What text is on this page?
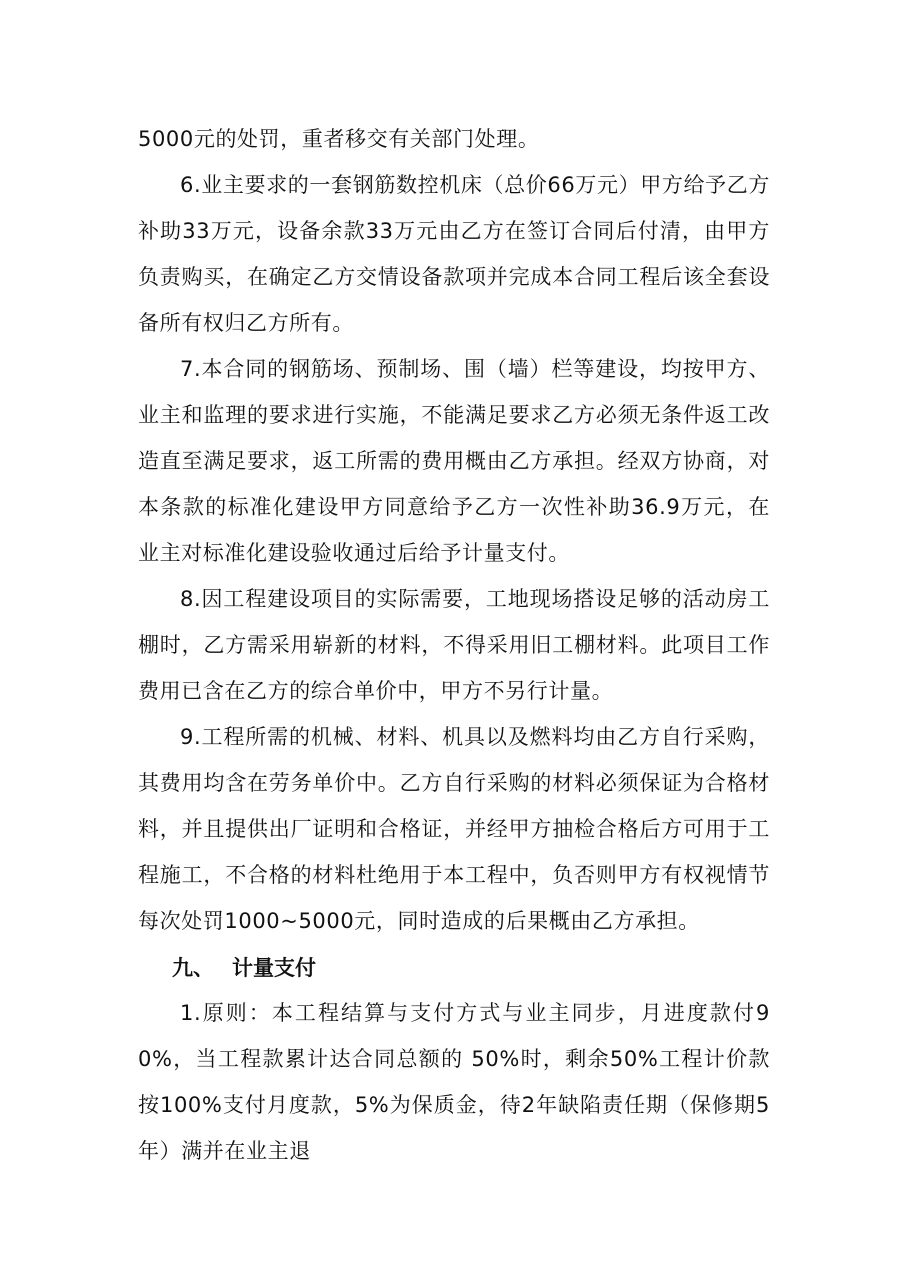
5000元的处罚，重者移交有关部门处理。

6.业主要求的一套钢筋数控机床（总价66万元）甲方给予乙方补助33万元，设备余款33万元由乙方在签订合同后付清，由甲方负责购买，在确定乙方交情设备款项并完成本合同工程后该全套设备所有权归乙方所有。

7.本合同的钢筋场、预制场、围（墙）栏等建设，均按甲方、业主和监理的要求进行实施，不能满足要求乙方必须无条件返工改造直至满足要求，返工所需的费用概由乙方承担。经双方协商，对本条款的标准化建设甲方同意给予乙方一次性补助36.9万元，在业主对标准化建设验收通过后给予计量支付。

8.因工程建设项目的实际需要，工地现场搭设足够的活动房工棚时，乙方需采用崭新的材料，不得采用旧工棚材料。此项目工作费用已含在乙方的综合单价中，甲方不另行计量。

9.工程所需的机械、材料、机具以及燃料均由乙方自行采购，其费用均含在劳务单价中。乙方自行采购的材料必须保证为合格材料，并且提供出厂证明和合格证，并经甲方抽检合格后方可用于工程施工，不合格的材料杜绝用于本工程中，负否则甲方有权视情节每次处罚1000~5000元，同时造成的后果概由乙方承担。

九、 计量支付

1.原则：本工程结算与支付方式与业主同步，月进度款付90%，当工程款累计达合同总额的 50%时，剩余50%工程计价款按100%支付月度款，5%为保质金，待2年缺陷责任期（保修期5年）满并在业主退
